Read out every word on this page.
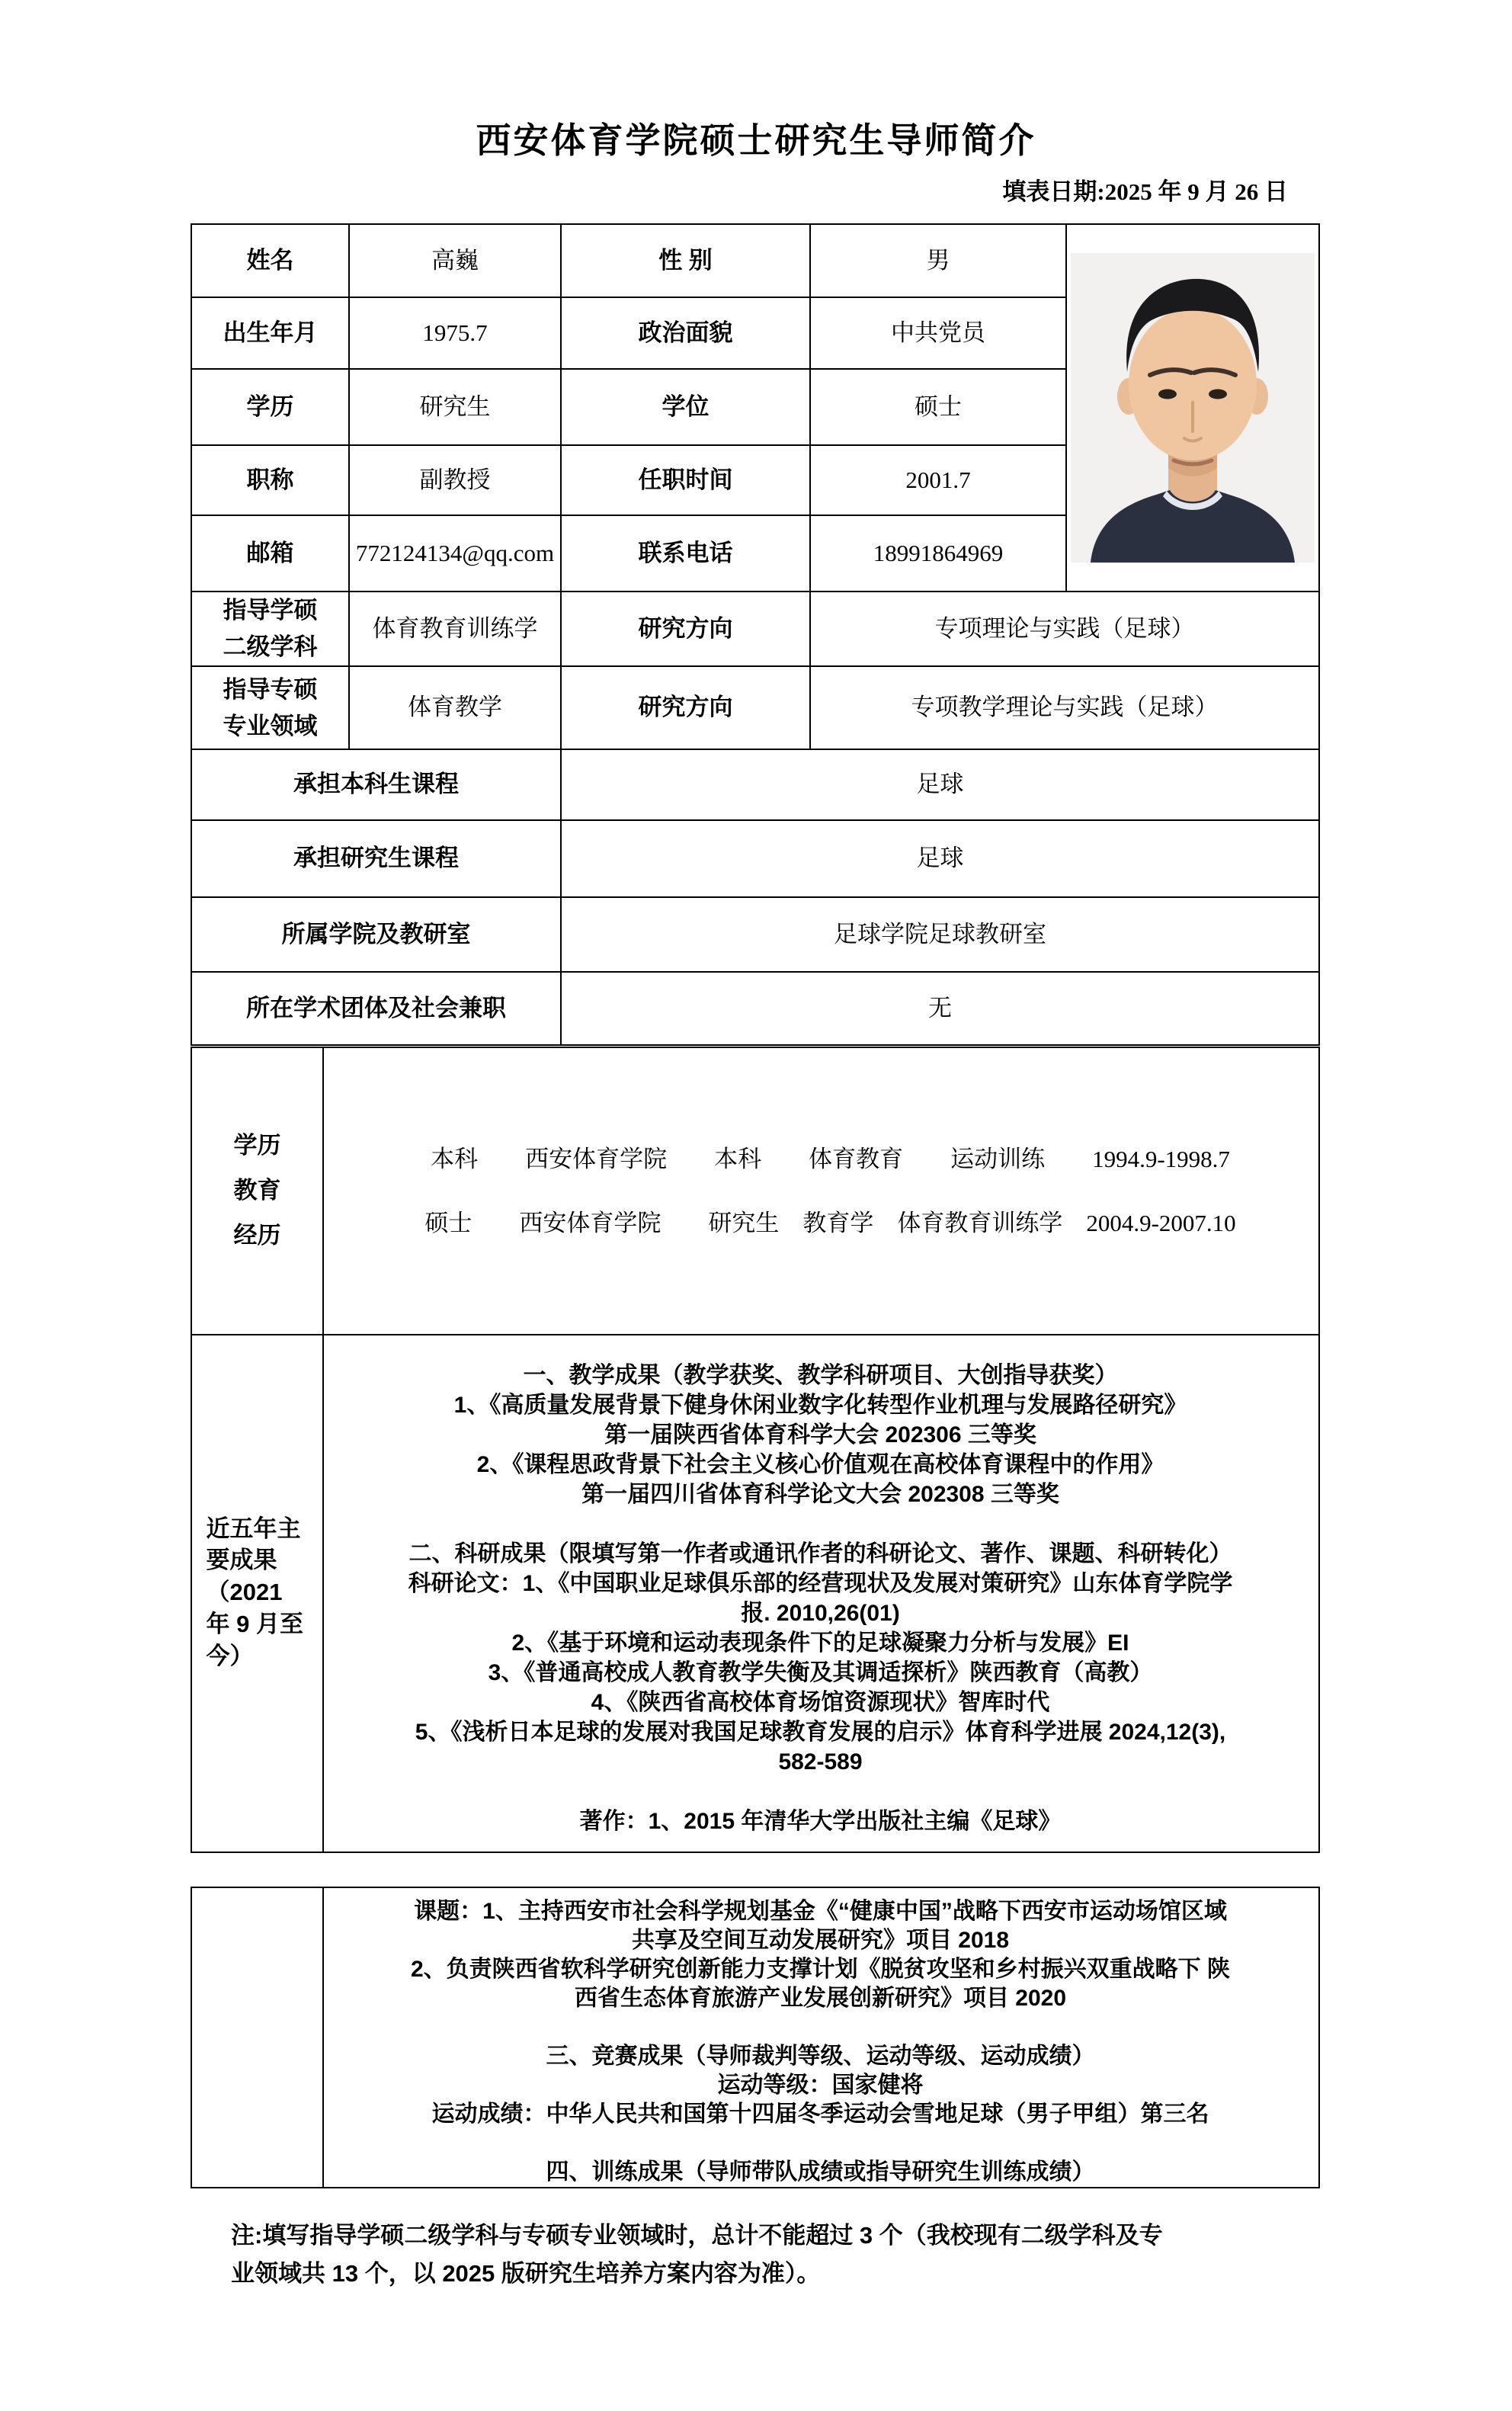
西安体育学院硕士研究生导师简介
填表日期:2025 年 9 月 26 日
姓名	高巍	性 别	男	

出生年月	1975.7	政治面貌	中共党员	
学历	研究生	学位	硕士	
职称	副教授	任职时间	2001.7	
邮箱	772124134@qq.com	联系电话	18991864969	
指导学硕二级学科	体育教育训练学	研究方向	专项理论与实践（足球）	
指导专硕专业领域	体育教学	研究方向	专项教学理论与实践（足球）	
承担本科生课程		足球		
承担研究生课程		足球		
所属学院及教研室		足球学院足球教研室		
所在学术团体及社会兼职		无		
学历教育经历	本科　　西安体育学院　　本科　　体育教育　　运动训练　　1994.9-1998.7
硕士　　西安体育学院　　研究生　教育学　体育教育训练学　2004.9-2007.10

近五年主要成果（2021 年 9 月至今）	
一、教学成果（教学获奖、教学科研项目、大创指导获奖）
1、《高质量发展背景下健身休闲业数字化转型作业机理与发展路径研究》
第一届陕西省体育科学大会 202306 三等奖
2、《课程思政背景下社会主义核心价值观在高校体育课程中的作用》
第一届四川省体育科学论文大会 202308 三等奖
二、科研成果（限填写第一作者或通讯作者的科研论文、著作、课题、科研转化）
科研论文：1、《中国职业足球俱乐部的经营现状及发展对策研究》山东体育学院学
报. 2010,26(01)
2、《基于环境和运动表现条件下的足球凝聚力分析与发展》EI
3、《普通高校成人教育教学失衡及其调适探析》陕西教育（高教）
4、《陕西省高校体育场馆资源现状》智库时代
5、《浅析日本足球的发展对我国足球教育发展的启示》体育科学进展 2024,12(3),
582-589
著作：1、2015 年清华大学出版社主编《足球》

课题：1、主持西安市社会科学规划基金《“健康中国”战略下西安市运动场馆区域
共享及空间互动发展研究》项目 2018
2、负责陕西省软科学研究创新能力支撑计划《脱贫攻坚和乡村振兴双重战略下 陕
西省生态体育旅游产业发展创新研究》项目 2020
三、竞赛成果（导师裁判等级、运动等级、运动成绩）
运动等级：国家健将
运动成绩：中华人民共和国第十四届冬季运动会雪地足球（男子甲组）第三名
四、训练成果（导师带队成绩或指导研究生训练成绩）
注:填写指导学硕二级学科与专硕专业领域时，总计不能超过 3 个（我校现有二级学科及专
业领域共 13 个，以 2025 版研究生培养方案内容为准）。
